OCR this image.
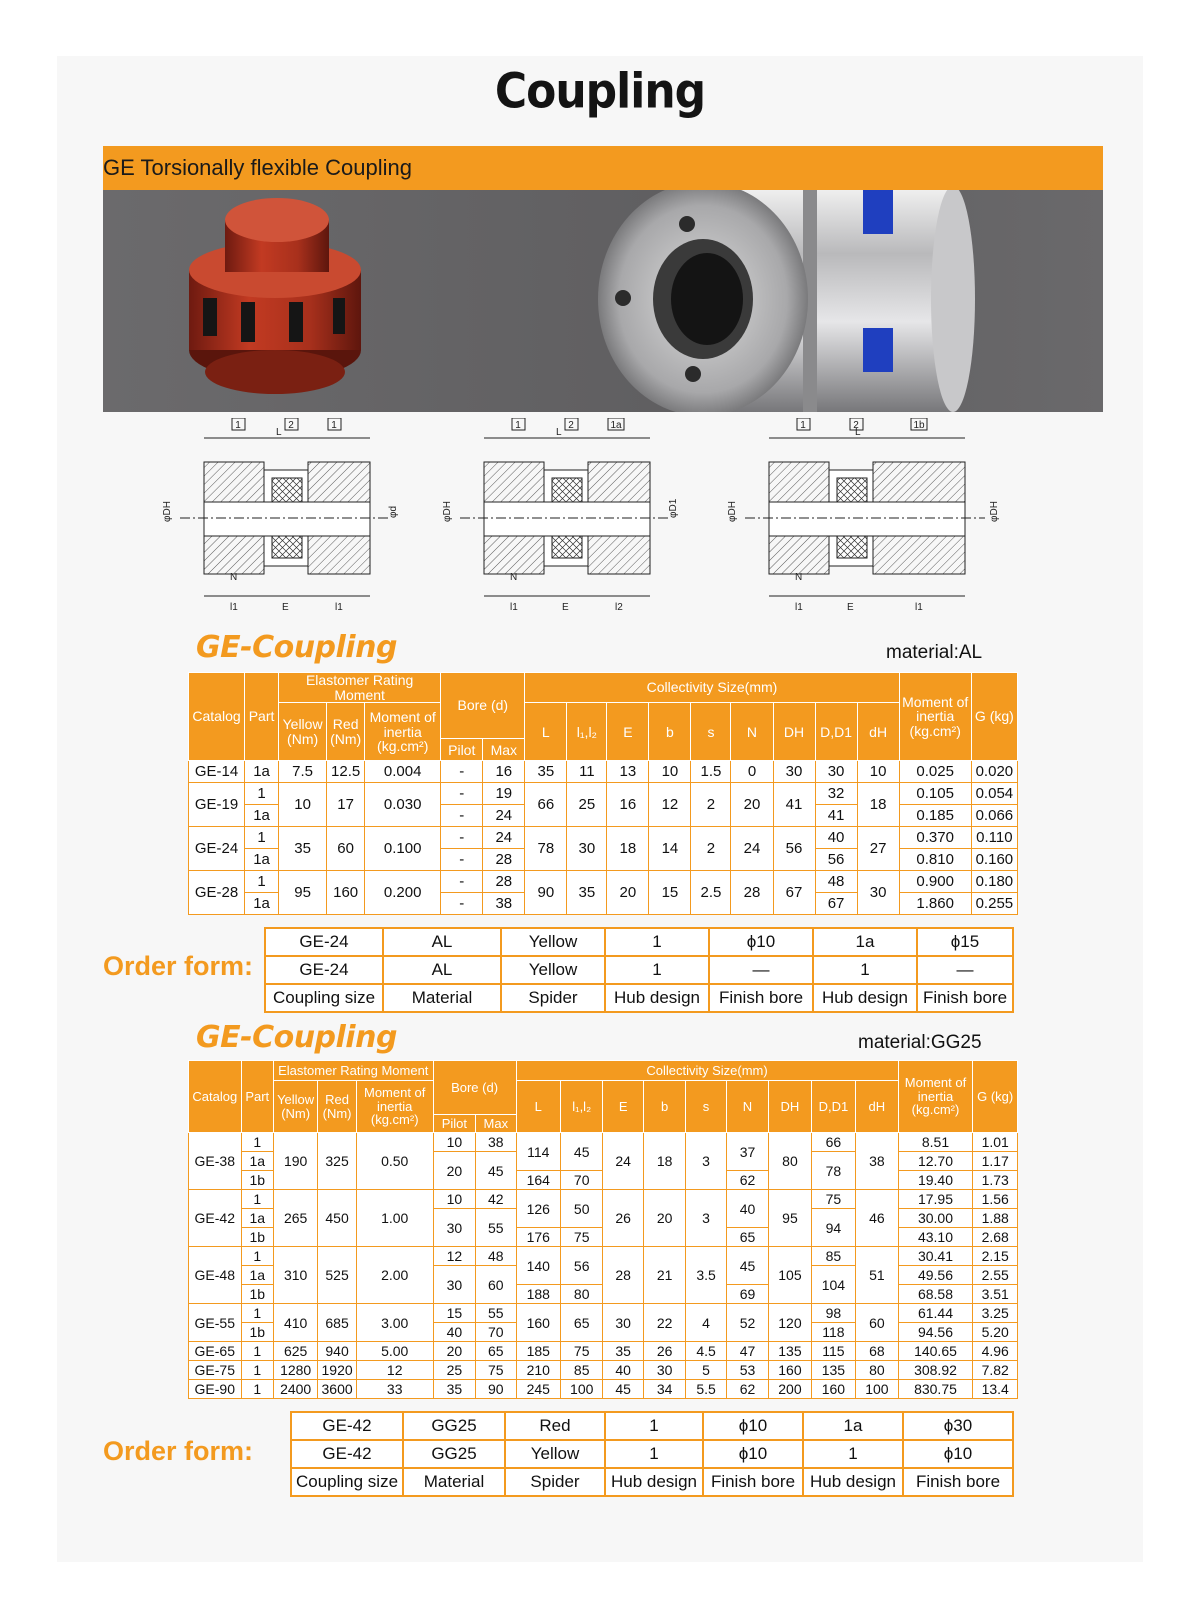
Coupling
GE Torsionally flexible Coupling
1	2	1
L
N
l1	E	l1
φDH	φd
1	2	1a
L
N
l1	E	l2
φDH	φD1
1	2	1b
L
N
l1	E	l1
φDH	φDH
GE-Coupling	material:AL
Catalog	Part	Elastomer Rating Moment			Bore (d)		Collectivity Size(mm)									Moment of inertia (kg.cm²)	G (kg)
		Yellow (Nm)	Red (Nm)	Moment of inertia (kg.cm²)			L	l₁,l₂	E	b	s	N	DH	D,D1	dH		
					Pilot	Max											
GE-14	1a	7.5	12.5	0.004	-	16	35	11	13	10	1.5	0	30	30	10	0.025	0.020
GE-19	1	10	17	0.030	-	19	66	25	16	12	2	20	41	32	18	0.105	0.054
	1a				-	24								41		0.185	0.066
GE-24	1	35	60	0.100	-	24	78	30	18	14	2	24	56	40	27	0.370	0.110
	1a				-	28								56		0.810	0.160
GE-28	1	95	160	0.200	-	28	90	35	20	15	2.5	28	67	48	30	0.900	0.180
	1a				-	38								67		1.860	0.255
Order form:
GE-24	AL	Yellow	1	ϕ10	1a	ϕ15
GE-24	AL	Yellow	1	—	1	—
Coupling size	Material	Spider	Hub design	Finish bore	Hub design	Finish bore
GE-Coupling	material:GG25
Catalog	Part	Elastomer Rating Moment			Bore (d)		Collectivity Size(mm)									Moment of inertia (kg.cm²)	G (kg)
		Yellow (Nm)	Red (Nm)	Moment of inertia (kg.cm²)			L	l₁,l₂	E	b	s	N	DH	D,D1	dH		
					Pilot	Max											
GE-38	1	190	325	0.50	10	38	114	45	24	18	3	37	80	66	38	8.51	1.01
	1a				20	45								78		12.70	1.17
	1b						164	70				62				19.40	1.73
GE-42	1	265	450	1.00	10	42	126	50	26	20	3	40	95	75	46	17.95	1.56
	1a				30	55								94		30.00	1.88
	1b						176	75				65				43.10	2.68
GE-48	1	310	525	2.00	12	48	140	56	28	21	3.5	45	105	85	51	30.41	2.15
	1a				30	60								104		49.56	2.55
	1b						188	80				69				68.58	3.51
GE-55	1	410	685	3.00	15	55	160	65	30	22	4	52	120	98	60	61.44	3.25
	1b				40	70								118		94.56	5.20
GE-65	1	625	940	5.00	20	65	185	75	35	26	4.5	47	135	115	68	140.65	4.96
GE-75	1	1280	1920	12	25	75	210	85	40	30	5	53	160	135	80	308.92	7.82
GE-90	1	2400	3600	33	35	90	245	100	45	34	5.5	62	200	160	100	830.75	13.4
Order form:
GE-42	GG25	Red	1	ϕ10	1a	ϕ30
GE-42	GG25	Yellow	1	ϕ10	1	ϕ10
Coupling size	Material	Spider	Hub design	Finish bore	Hub design	Finish bore
